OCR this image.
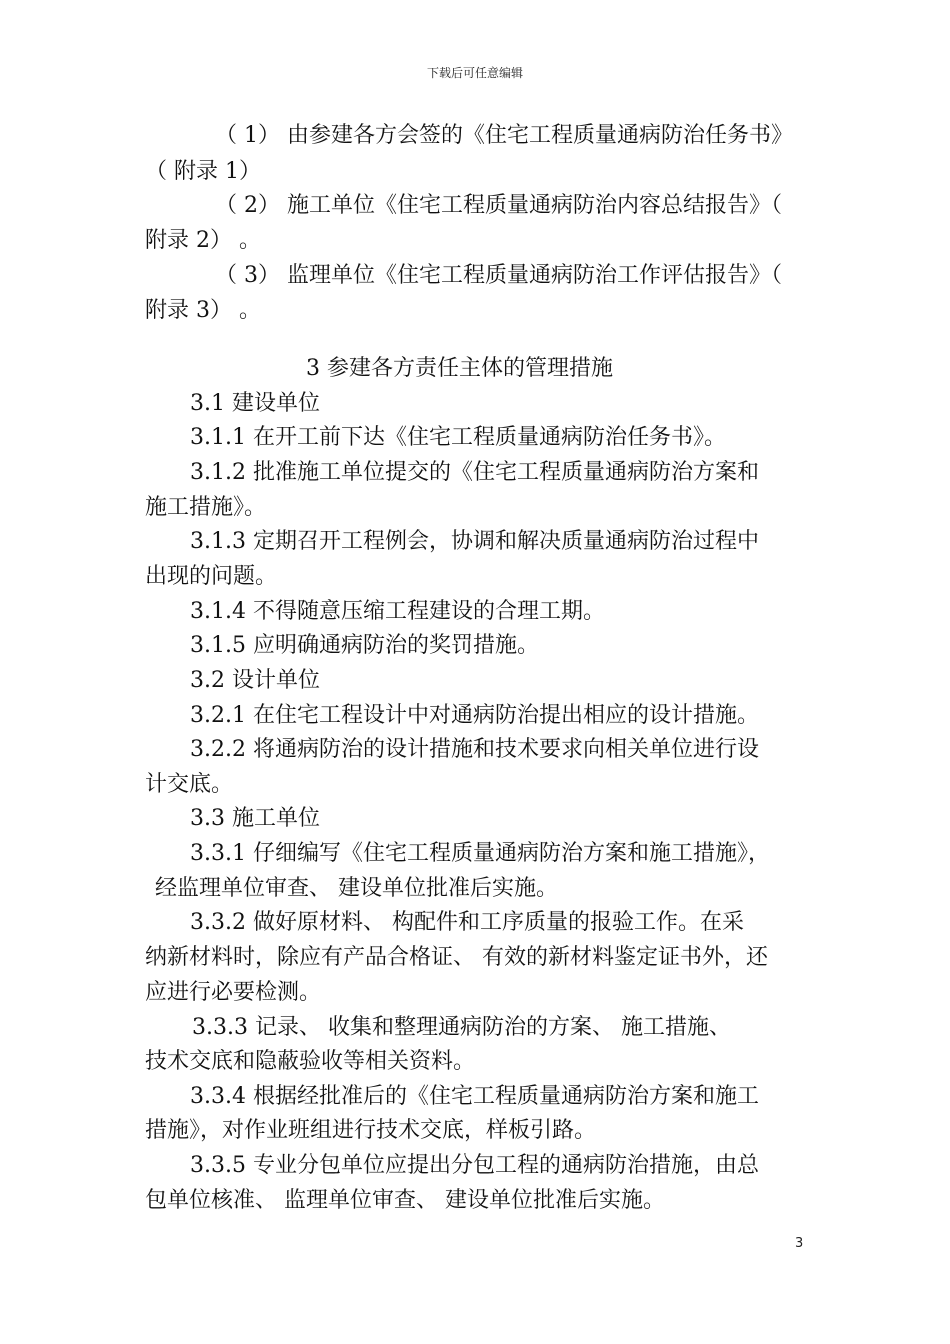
下载后可任意编辑
（ 1） 由参建各方会签的《住宅工程质量通病防治任务书》
（ 附录 1）
（ 2） 施工单位《住宅工程质量通病防治内容总结报告》（
附录 2） 。
（ 3） 监理单位《住宅工程质量通病防治工作评估报告》（
附录 3） 。
3 参建各方责任主体的管理措施
3.1 建设单位
3.1.1 在开工前下达《住宅工程质量通病防治任务书》。
3.1.2 批准施工单位提交的《住宅工程质量通病防治方案和
施工措施》。
3.1.3 定期召开工程例会，协调和解决质量通病防治过程中
出现的问题。
3.1.4 不得随意压缩工程建设的合理工期。
3.1.5 应明确通病防治的奖罚措施。
3.2 设计单位
3.2.1 在住宅工程设计中对通病防治提出相应的设计措施。
3.2.2 将通病防治的设计措施和技术要求向相关单位进行设
计交底。
3.3 施工单位
3.3.1 仔细编写《住宅工程质量通病防治方案和施工措施》，
经监理单位审查、 建设单位批准后实施。
3.3.2 做好原材料、 构配件和工序质量的报验工作。在采
纳新材料时，除应有产品合格证、 有效的新材料鉴定证书外，还
应进行必要检测。
3.3.3 记录、 收集和整理通病防治的方案、 施工措施、
技术交底和隐蔽验收等相关资料。
3.3.4 根据经批准后的《住宅工程质量通病防治方案和施工
措施》，对作业班组进行技术交底，样板引路。
3.3.5 专业分包单位应提出分包工程的通病防治措施，由总
包单位核准、 监理单位审查、 建设单位批准后实施。
3
